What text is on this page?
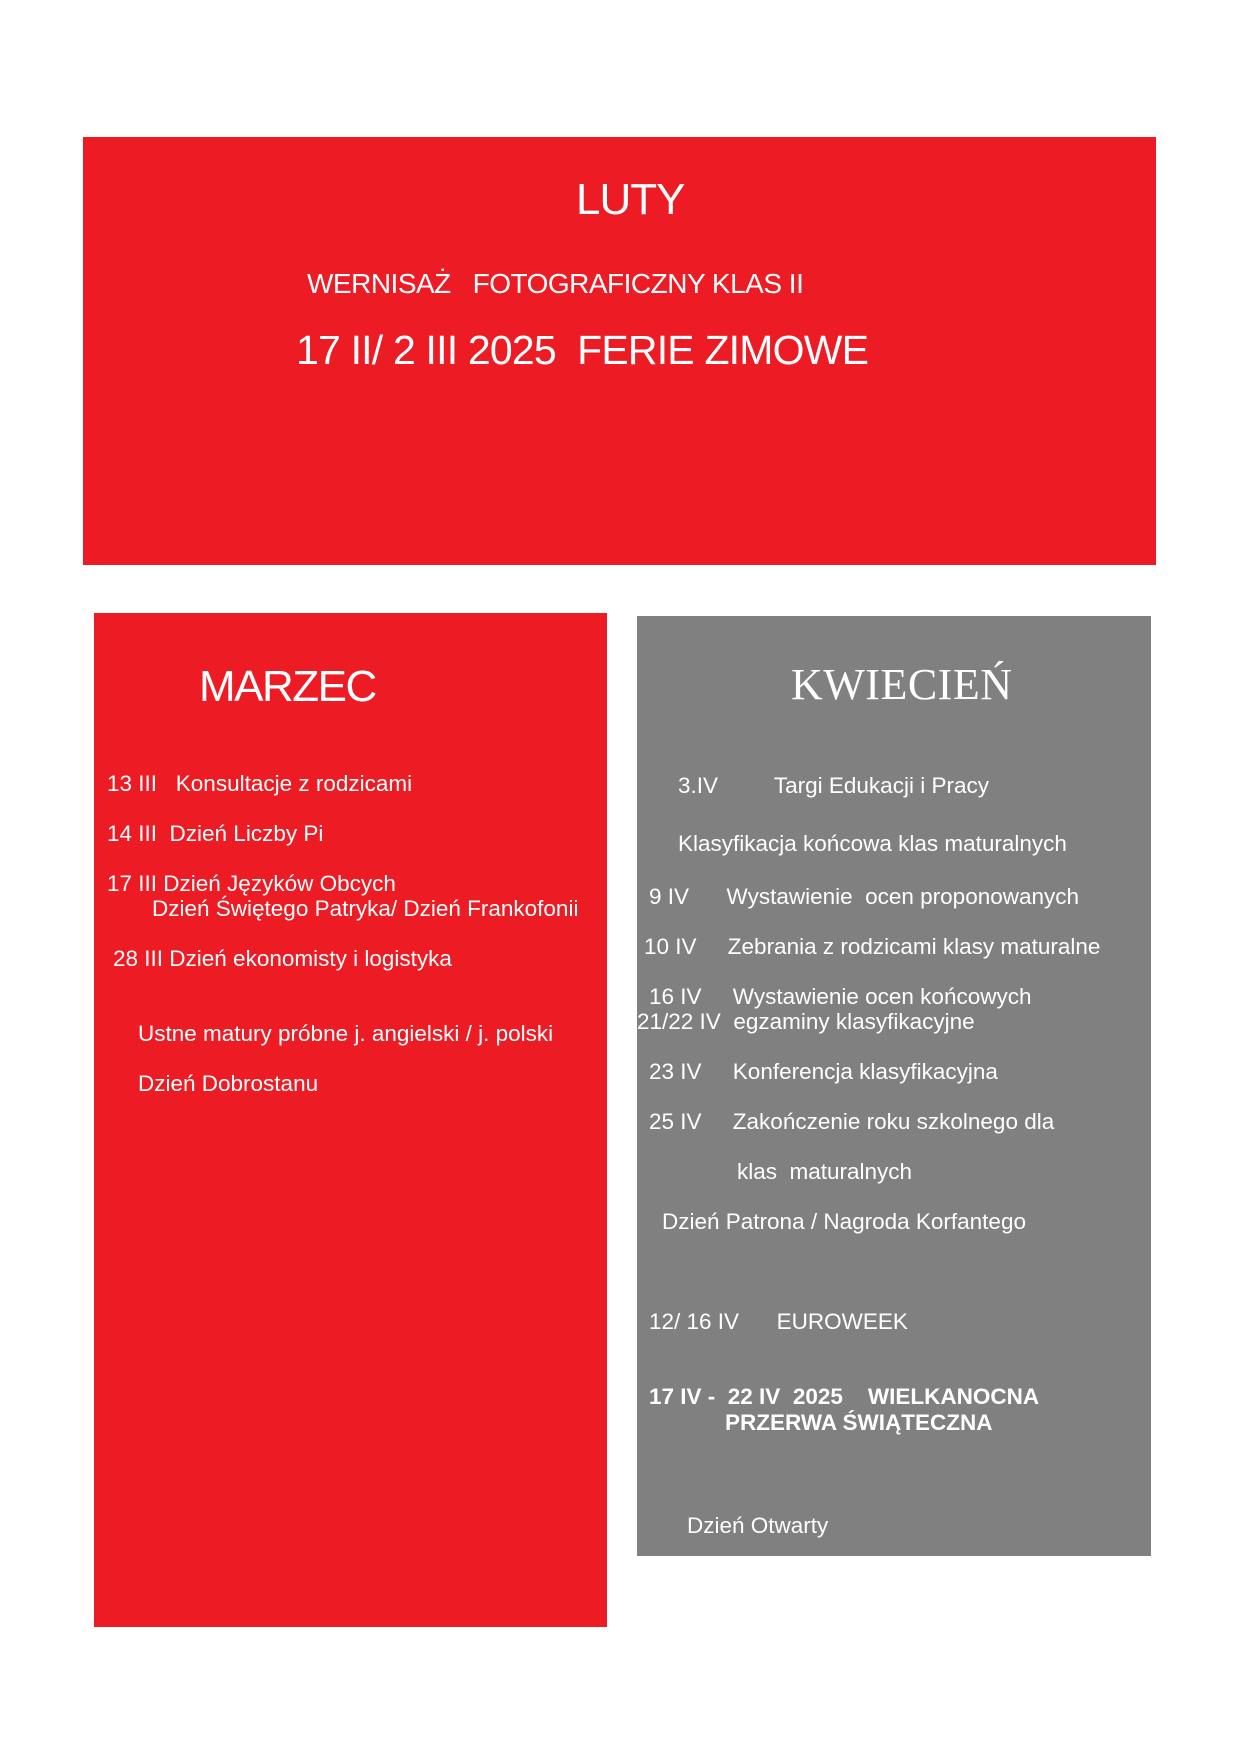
LUTY
WERNISAŻ   FOTOGRAFICZNY KLAS II
17 II/ 2 III 2025  FERIE ZIMOWE
MARZEC
13 III   Konsultacje z rodzicami
14 III  Dzień Liczby Pi
17 III Dzień Języków Obcych
Dzień Świętego Patryka/ Dzień Frankofonii
28 III Dzień ekonomisty i logistyka
Ustne matury próbne j. angielski / j. polski
Dzień Dobrostanu
KWIECIEŃ
3.IV         Targi Edukacji i Pracy
Klasyfikacja końcowa klas maturalnych
9 IV      Wystawienie  ocen proponowanych
10 IV     Zebrania z rodzicami klasy maturalne
16 IV     Wystawienie ocen końcowych
21/22 IV  egzaminy klasyfikacyjne
23 IV     Konferencja klasyfikacyjna
25 IV     Zakończenie roku szkolnego dla
klas  maturalnych
Dzień Patrona / Nagroda Korfantego
12/ 16 IV      EUROWEEK
17 IV -  22 IV  2025    WIELKANOCNA
PRZERWA ŚWIĄTECZNA
Dzień Otwarty
